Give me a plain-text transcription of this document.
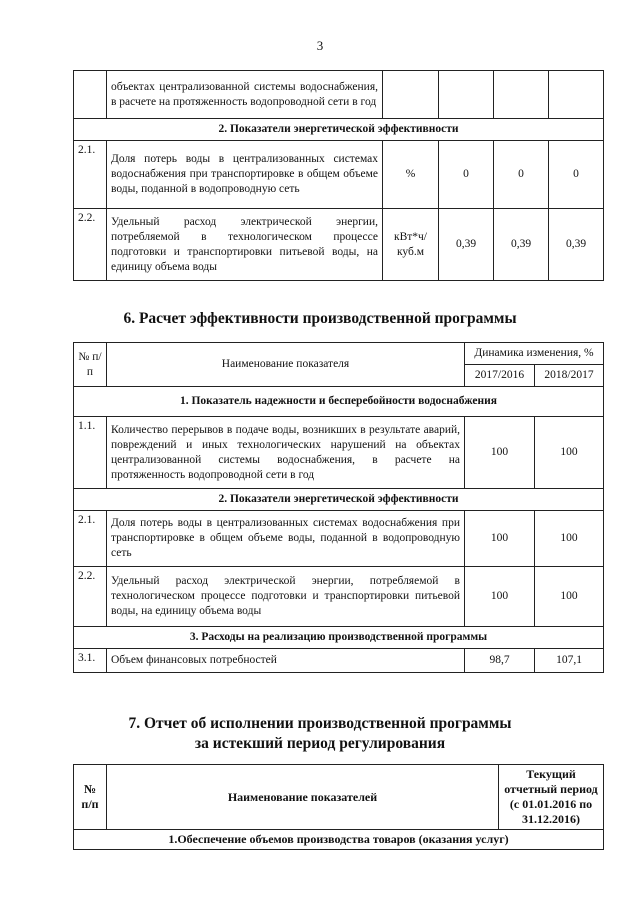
3
	объектах централизованной системы водоснабжения, в расчете на протяженность водопроводной сети в год				
2. Показатели энергетической эффективности					
2.1.	Доля потерь воды в централизованных системах водоснабжения при транспортировке в общем объеме воды, поданной в водопроводную сеть	%	0	0	0
2.2.	Удельный расход электрической энергии, потребляемой в технологическом процессе подготовки и транспортировки питьевой воды, на единицу объема воды	кВт*ч/ куб.м	0,39	0,39	0,39
6. Расчет эффективности производственной программы
№ п/п	Наименование показателя	Динамика изменения, %	
		2017/2016	2018/2017
1. Показатель надежности и бесперебойности водоснабжения			
1.1.	Количество перерывов в подаче воды, возникших в результате аварий, повреждений и иных технологических нарушений на объектах централизованной системы водоснабжения, в расчете на протяженность водопроводной сети в год	100	100
2. Показатели энергетической эффективности			
2.1.	Доля потерь воды в централизованных системах водоснабжения при транспортировке в общем объеме воды, поданной в водопроводную сеть	100	100
2.2.	Удельный расход электрической энергии, потребляемой в технологическом процессе подготовки и транспортировки питьевой воды, на единицу объема воды	100	100
3. Расходы на реализацию производственной программы			
3.1.	Объем финансовых потребностей	98,7	107,1
7. Отчет об исполнении производственной программы
за истекший период регулирования
№ п/п	Наименование показателей	Текущий отчетный период (с 01.01.2016 по 31.12.2016)
1.Обеспечение объемов производства товаров (оказания услуг)
